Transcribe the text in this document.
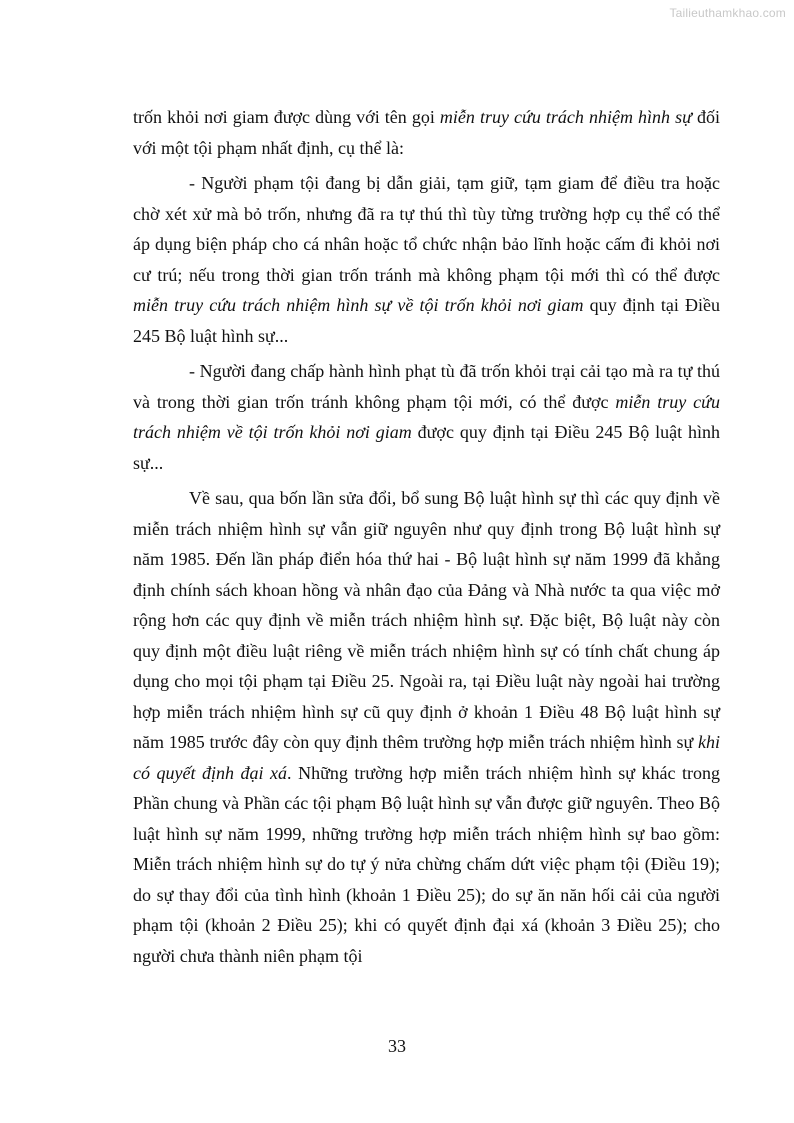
Tailieuthamkhao.com

trốn khỏi nơi giam được dùng với tên gọi miễn truy cứu trách nhiệm hình sự đối với một tội phạm nhất định, cụ thể là:

- Người phạm tội đang bị dẫn giải, tạm giữ, tạm giam để điều tra hoặc chờ xét xử mà bỏ trốn, nhưng đã ra tự thú thì tùy từng trường hợp cụ thể có thể áp dụng biện pháp cho cá nhân hoặc tổ chức nhận bảo lĩnh hoặc cấm đi khỏi nơi cư trú; nếu trong thời gian trốn tránh mà không phạm tội mới thì có thể được miễn truy cứu trách nhiệm hình sự về tội trốn khỏi nơi giam quy định tại Điều 245 Bộ luật hình sự...

- Người đang chấp hành hình phạt tù đã trốn khỏi trại cải tạo mà ra tự thú và trong thời gian trốn tránh không phạm tội mới, có thể được miễn truy cứu trách nhiệm về tội trốn khỏi nơi giam được quy định tại Điều 245 Bộ luật hình sự...

Về sau, qua bốn lần sửa đổi, bổ sung Bộ luật hình sự thì các quy định về miễn trách nhiệm hình sự vẫn giữ nguyên như quy định trong Bộ luật hình sự năm 1985. Đến lần pháp điển hóa thứ hai - Bộ luật hình sự năm 1999 đã khẳng định chính sách khoan hồng và nhân đạo của Đảng và Nhà nước ta qua việc mở rộng hơn các quy định về miễn trách nhiệm hình sự. Đặc biệt, Bộ luật này còn quy định một điều luật riêng về miễn trách nhiệm hình sự có tính chất chung áp dụng cho mọi tội phạm tại Điều 25. Ngoài ra, tại Điều luật này ngoài hai trường hợp miễn trách nhiệm hình sự cũ quy định ở khoản 1 Điều 48 Bộ luật hình sự năm 1985 trước đây còn quy định thêm trường hợp miễn trách nhiệm hình sự khi có quyết định đại xá. Những trường hợp miễn trách nhiệm hình sự khác trong Phần chung và Phần các tội phạm Bộ luật hình sự vẫn được giữ nguyên. Theo Bộ luật hình sự năm 1999, những trường hợp miễn trách nhiệm hình sự bao gồm: Miễn trách nhiệm hình sự do tự ý nửa chừng chấm dứt việc phạm tội (Điều 19); do sự thay đổi của tình hình (khoản 1 Điều 25); do sự ăn năn hối cải của người phạm tội (khoản 2 Điều 25); khi có quyết định đại xá (khoản 3 Điều 25); cho người chưa thành niên phạm tội

33
